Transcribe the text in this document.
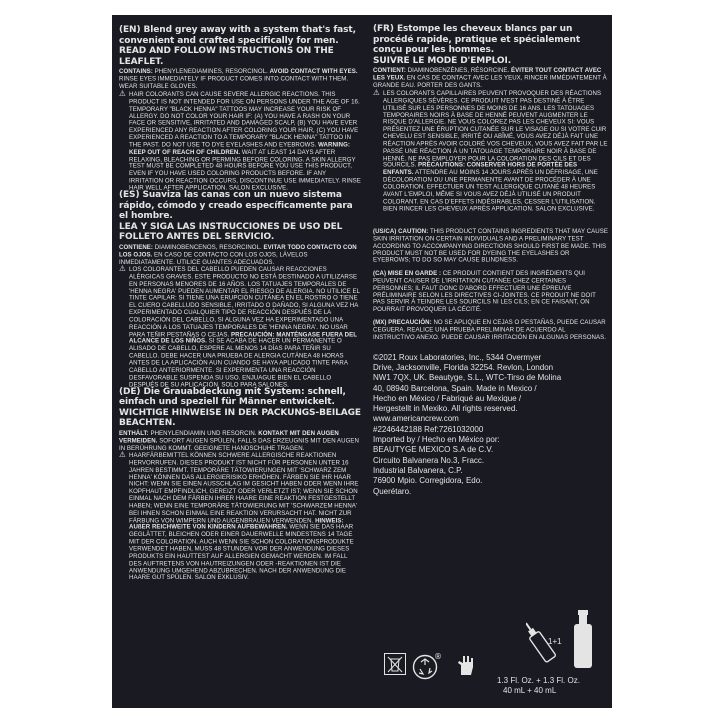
(EN) Blend grey away with a system that's fast, convenient and crafted specifically for men.
READ AND FOLLOW INSTRUCTIONS ON THE LEAFLET.
CONTAINS: PHENYLENEDIAMINES, RESORCINOL. AVOID CONTACT WITH EYES. RINSE EYES IMMEDIATELY IF PRODUCT COMES INTO CONTACT WITH THEM. WEAR SUITABLE GLOVES.
⚠ HAIR COLORANTS CAN CAUSE SEVERE ALLERGIC REACTIONS. THIS PRODUCT IS NOT INTENDED FOR USE ON PERSONS UNDER THE AGE OF 16. TEMPORARY "BLACK HENNA" TATTOOS MAY INCREASE YOUR RISK OF ALLERGY. DO NOT COLOR YOUR HAIR IF: (A) YOU HAVE A RASH ON YOUR FACE OR SENSITIVE, IRRITATED AND DAMAGED SCALP, (B) YOU HAVE EVER EXPERIENCED ANY REACTION AFTER COLORING YOUR HAIR, (C) YOU HAVE EXPERIENCED A REACTION TO A TEMPORARY "BLACK HENNA" TATTOO IN THE PAST. DO NOT USE TO DYE EYELASHES AND EYEBROWS. WARNING: KEEP OUT OF REACH OF CHILDREN. WAIT AT LEAST 14 DAYS AFTER RELAXING, BLEACHING OR PERMING BEFORE COLORING. A SKIN ALLERGY TEST MUST BE COMPLETED 48 HOURS BEFORE YOU USE THIS PRODUCT, EVEN IF YOU HAVE USED COLORING PRODUCTS BEFORE. IF ANY IRRITATION OR REACTION OCCURS, DISCONTINUE USE IMMEDIATELY. RINSE HAIR WELL AFTER APPLICATION. SALON EXCLUSIVE.
(ES) Suaviza las canas con un nuevo sistema rápido, cómodo y creado específicamente para el hombre.
LEA Y SIGA LAS INSTRUCCIONES DE USO DEL FOLLETO ANTES DEL SERVICIO.
CONTIENE: DIAMINOBENCENOS, RESORCINOL. EVITAR TODO CONTACTO CON LOS OJOS. EN CASO DE CONTACTO CON LOS OJOS, LÁVELOS INMEDIATAMENTE. UTILICE GUANTES ADECUADOS.
⚠ LOS COLORANTES DEL CABELLO PUEDEN CAUSAR REACCIONES ALÉRGICAS GRAVES. ESTE PRODUCTO NO ESTÁ DESTINADO A UTILIZARSE EN PERSONAS MENORES DE 16 AÑOS. LOS TATUAJES TEMPORALES DE 'HENNA NEGRA' PUEDEN AUMENTAR EL RIESGO DE ALERGIA. NO UTILICE EL TINTE CAPILAR: SI TIENE UNA ERUPCIÓN CUTÁNEA EN EL ROSTRO O TIENE EL CUERO CABELLUDO SENSIBLE, IRRITADO O DAÑADO, SI ALGUNA VEZ HA EXPERIMENTADO CUALQUIER TIPO DE REACCIÓN DESPUÉS DE LA COLORACIÓN DEL CABELLO, SI ALGUNA VEZ HA EXPERIMENTADO UNA REACCIÓN A LOS TATUAJES TEMPORALES DE 'HENNA NEGRA'. NO USAR PARA TEÑIR PESTAÑAS O CEJAS. PRECAUCIÓN: MANTÉNGASE FUERA DEL ALCANCE DE LOS NIÑOS. SI SE ACABA DE HACER UN PERMANENTE O ALISADO DE CABELLO, ESPERE AL MENOS 14 DÍAS PARA TEÑIR SU CABELLO. DEBE HACER UNA PRUEBA DE ALERGIA CUTÁNEA 48 HORAS ANTES DE LA APLICACIÓN AUN CUANDO SE HAYA APLICADO TINTE PARA CABELLO ANTERIORMENTE. SI EXPERIMENTA UNA REACCIÓN DESFAVORABLE SUSPENDA SU USO. ENJUAGUE BIEN EL CABELLO DESPUÉS DE SU APLICACIÓN. SOLO PARA SALONES.
(DE) Die Grauabdeckung mit System: schnell, einfach und speziell für Männer entwickelt.
WICHTIGE HINWEISE IN DER PACKUNGS-BEILAGE BEACHTEN.
ENTHÄLT: PHENYLENDIAMIN UND RESORCIN. KONTAKT MIT DEN AUGEN VERMEIDEN. SOFORT AUGEN SPÜLEN, FALLS DAS ERZEUGNIS MIT DEN AUGEN IN BERÜHRUNG KOMMT. GEEIGNETE HANDSCHUHE TRAGEN.
⚠ HAARFÄRBEMITTEL KÖNNEN SCHWERE ALLERGISCHE REAKTIONEN HERVORRUFEN. DIESES PRODUKT IST NICHT FÜR PERSONEN UNTER 16 JAHREN BESTIMMT. TEMPORÄRE TÄTOWIERUNGEN MIT 'SCHWARZ ZEM HENNA' KÖNNEN DAS ALLERGIERISIKO ERHÖHEN. FÄRBEN SIE IHR HAAR NICHT: WENN SIE EINEN AUSSCHLAG IM GESICHT HABEN ODER WENN IHRE KOPFHAUT EMPFINDLICH, GEREIZT ODER VERLETZT IST; WENN SIE SCHON EINMAL NACH DEM FÄRBEN IHRER HAARE EINE REAKTION FESTGESTELLT HABEN; WENN EINE TEMPORÄRE TÄTOWIERUNG MIT 'SCHWARZEM HENNA' BEI IHNEN SCHON EINMAL EINE REAKTION VERURSACHT HAT. NICHT ZUR FÄRBUNG VON WIMPERN UND AUGENBRAUEN VERWENDEN. HINWEIS: AUßER REICHWEITE VON KINDERN AUFBEWAHREN. WENN SIE DAS HAAR GEGLÄTTET, BLEICHEN ODER EINER DAUERWELLE MINDESTENS 14 TAGE MIT DER COLORATION. AUCH WENN SIE SCHON COLORATIONSPRODUKTE VERWENDET HABEN, MUSS 48 STUNDEN VOR DER ANWENDUNG DIESES PRODUKTS EIN HAUTTEST AUF ALLERGIEN GEMACHT WERDEN. IM FALL DES AUFTRETENS VON HAUTREIZUNGEN ODER -REAKTIONEN IST DIE ANWENDUNG UMGEHEND ABZUBRECHEN. NACH DER ANWENDUNG DIE HAARE GUT SPÜLEN. SALON EXKLUSIV.
(FR) Estompe les cheveux blancs par un procédé rapide, pratique et spécialement conçu pour les hommes.
SUIVRE LE MODE D'EMPLOI.
CONTIENT: DIAMINOBENZÈNES, RÉSORCINE. ÉVITER TOUT CONTACT AVEC LES YEUX. EN CAS DE CONTACT AVEC LES YEUX, RINCER IMMÉDIATEMENT À GRANDE EAU. PORTER DES GANTS.
⚠ LES COLORANTS CAPILLAIRES PEUVENT PROVOQUER DES RÉACTIONS ALLERGIQUES SÉVÈRES. CE PRODUIT N'EST PAS DESTINÉ À ÊTRE UTILISÉ SUR LES PERSONNES DE MOINS DE 16 ANS. LES TATOUAGES TEMPORAIRES NOIRS À BASE DE HENNÉ PEUVENT AUGMENTER LE RISQUE D'ALLERGIE. NE VOUS COLOREZ PAS LES CHEVEUX SI: VOUS PRÉSENTEZ UNE ÉRUPTION CUTANÉE SUR LE VISAGE OU SI VOTRE CUIR CHEVELU EST SENSIBLE, IRRITÉ OU ABÎMÉ, VOUS AVEZ DÉJÀ FAIT UNE RÉACTION APRÈS AVOIR COLORÉ VOS CHEVEUX, VOUS AVEZ FAIT PAR LE PASSÉ UNE RÉACTION À UN TATOUAGE TEMPORAIRE NOIR À BASE DE HENNÉ. NE PAS EMPLOYER POUR LA COLORATION DES CILS ET DES SOURCILS. PRÉCAUTIONS: CONSERVER HORS DE PORTÉE DES ENFANTS. ATTENDRE AU MOINS 14 JOURS APRÈS UN DÉFRISAGE, UNE DÉCOLORATION OU UNE PERMANENTE AVANT DE PROCÉDER À UNE COLORATION. EFFECTUER UN TEST ALLERGIQUE CUTANÉ 48 HEURES AVANT L'EMPLOI, MÊME SI VOUS AVEZ DÉJÀ UTILISÉ UN PRODUIT COLORANT. EN CAS D'EFFETS INDÉSIRABLES, CESSER L'UTILISATION. BIEN RINCER LES CHEVEUX APRÈS APPLICATION. SALON EXCLUSIVE.
(US/CA) CAUTION: THIS PRODUCT CONTAINS INGREDIENTS THAT MAY CAUSE SKIN IRRITATION ON CERTAIN INDIVIDUALS AND A PRELIMINARY TEST ACCORDING TO ACCOMPANYING DIRECTIONS SHOULD FIRST BE MADE. THIS PRODUCT MUST NOT BE USED FOR DYEING THE EYELASHES OR EYEBROWS; TO DO SO MAY CAUSE BLINDNESS.
(CA) MISE EN GARDE : CE PRODUIT CONTIENT DES INGRÉDIENTS QUI PEUVENT CAUSER DE L'IRRITATION CUTANÉE CHEZ CERTAINES PERSONNES; IL FAUT DONC D'ABORD EFFECTUER UNE ÉPREUVE PRÉLIMINAIRE SELON LES DIRECTIVES CI-JOINTES. CE PRODUIT NE DOIT PAS SERVIR À TEINDRE LES SOURCILS NI LES CILS; EN CE FAISANT, ON POURRAIT PROVOQUER LA CÉCITÉ.
(MX) PRECAUCIÓN: NO SE APLIQUE EN CEJAS O PESTAÑAS, PUEDE CAUSAR CEGUERA. REALICE UNA PRUEBA PRELIMINAR DE ACUERDO AL INSTRUCTIVO ANEXO. PUEDE CAUSAR IRRITACIÓN EN ALGUNAS PERSONAS.
©2021 Roux Laboratories, Inc., 5344 Overmyer
Drive, Jacksonville, Florida 32254. Revlon, London
NW1 7QX, UK. Beautyge, S.L., WTC-Tirso de Molina
40, 08940 Barcelona, Spain. Made in Mexico /
Hecho en México / Fabriqué au Mexique /
Hergestellt in Mexiko. All rights reserved.
www.americancrew.com
#2246442188 Ref:7261032000
Imported by / Hecho en México por:
BEAUTYGE MEXICO S.A de C.V.
Circuito Balvanera No.3, Fracc.
Industrial Balvanera, C.P.
76900 Mpio. Corregidora, Edo.
Querétaro.
®
1+1
1.3 Fl. Oz. + 1.3 Fl. Oz.
40 mL + 40 mL
